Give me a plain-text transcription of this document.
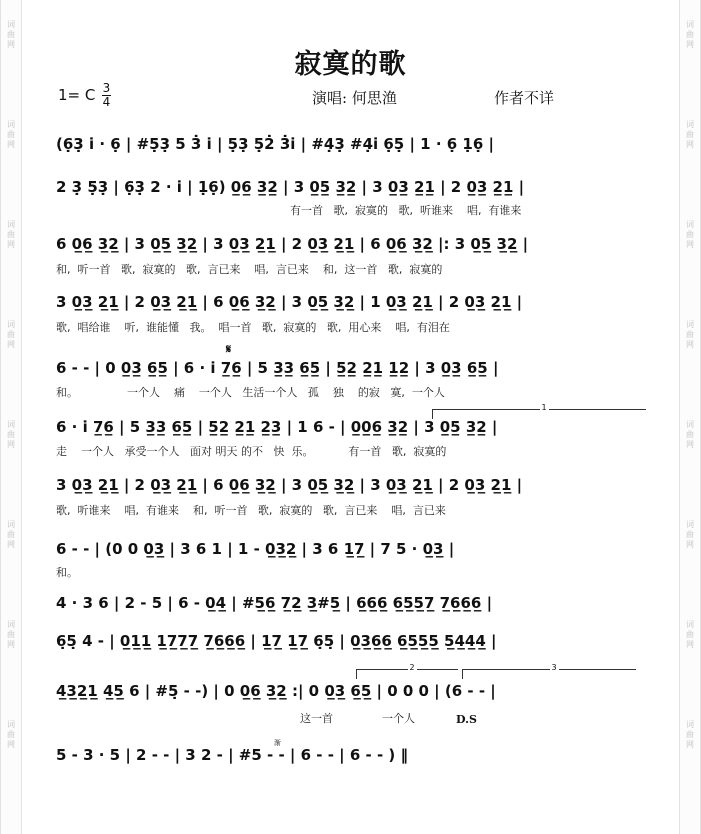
词
曲
网
词
曲
网
词
曲
网
词
曲
网
词
曲
网
词
曲
网
词
曲
网
词
曲
网
词
曲
网
词
曲
网
词
曲
网
词
曲
网
词
曲
网
词
曲
网
词
曲
网
词
曲
网
寂寞的歌
1= C 3
4	演唱: 何思渔	作者不详
𝄋
1
2	3
渐
(6̣3̣ i̇ · 6̣ | #5̣3̣ 5 3̇ i̇ | 5̣3̣ 5̣2̇ 3̇i̇ | #4̣3̣ #4̣i̇ 6̣5̣ | 1 · 6̣ 1̣6̣ |
2 3̣ 5̣3̣ | 6̣3̣ 2 · i̇ | 1̣6̣) 0̲6̲ 3̲2̲ | 3 0̲5̲ 3̲2̲ | 3 0̲3̲ 2̲1̲ | 2 0̲3̲ 2̲1̲ |
有一首   歌,  寂寞的   歌,  听谁来    唱,  有谁来
6 0̲6̲ 3̲2̲ | 3 0̲5̲ 3̲2̲ | 3 0̲3̲ 2̲1̲ | 2 0̲3̲ 2̲1̲ | 6 0̲6̲ 3̲2̲ |: 3 0̲5̲ 3̲2̲ |
和,  听一首   歌,  寂寞的   歌,  言已来    唱,  言已来    和,  这一首   歌,  寂寞的
3 0̲3̲ 2̲1̲ | 2 0̲3̲ 2̲1̲ | 6 0̲6̲ 3̲2̲ | 3 0̲5̲ 3̲2̲ | 1 0̲3̲ 2̲1̲ | 2 0̲3̲ 2̲1̲ |
歌,  唱给谁    听,  谁能懂   我。  唱一首   歌,  寂寞的   歌,  用心来    唱,  有泪在
6 - - | 0 0̲3̲ 6̲5̲ | 6 · i̇ 7̲6̲ | 5 3̲3̲ 6̲5̲ | 5̲2̲ 2̲1̲ 1̲2̲ | 3 0̲3̲ 6̲5̲ |
和。              一个人    痛    一个人   生活一个人   孤    独    的寂   寞,  一个人
6 · i̇ 7̲6̲ | 5 3̲3̲ 6̲5̲ | 5̲2̲ 2̲1̲ 2̲3̲ | 1 6 - | 0̲0̲6̲ 3̲2̲ | 3 0̲5̲ 3̲2̲ |
走    一个人   承受一个人   面对 明天 的不   快  乐。          有一首   歌,  寂寞的
3 0̲3̲ 2̲1̲ | 2 0̲3̲ 2̲1̲ | 6 0̲6̲ 3̲2̲ | 3 0̲5̲ 3̲2̲ | 3 0̲3̲ 2̲1̲ | 2 0̲3̲ 2̲1̲ |
歌,  听谁来    唱,  有谁来    和,  听一首   歌,  寂寞的   歌,  言已来    唱,  言已来
6 - - | (0 0 0̲3̲ | 3 6 1 | 1 - 0̲3̲2̲ | 3 6 1̲7̲ | 7 5 · 0̲3̲ |
和。
4 · 3 6 | 2 - 5 | 6 - 0̲4̲ | #5̲6̲ 7̲2̲ 3̲#5̲ | 6̲6̲6̲ 6̲5̲5̲7̲ 7̲6̲6̲6̲ |
6̣5̣ 4 - | 0̲1̲1̲ 1̲7̲7̲7̲ 7̲6̲6̲6̲ | 1̲7̲ 1̲7̲ 6̣5̣ | 0̲3̲6̲6̲ 6̲5̲5̲5̲ 5̲4̲4̲4̲ |
4̲3̲2̲1̲ 4̲5̲ 6 | #5̣ - -) | 0 0̲6̲ 3̲2̲ :| 0 0̲3̲ 6̲5̲ | 0 0 0 | (6 - - |
这一首              一个人	D.S
5 - 3 · 5 | 2 - - | 3 2 - | #5 - - | 6 - - | 6 - - ) ‖
